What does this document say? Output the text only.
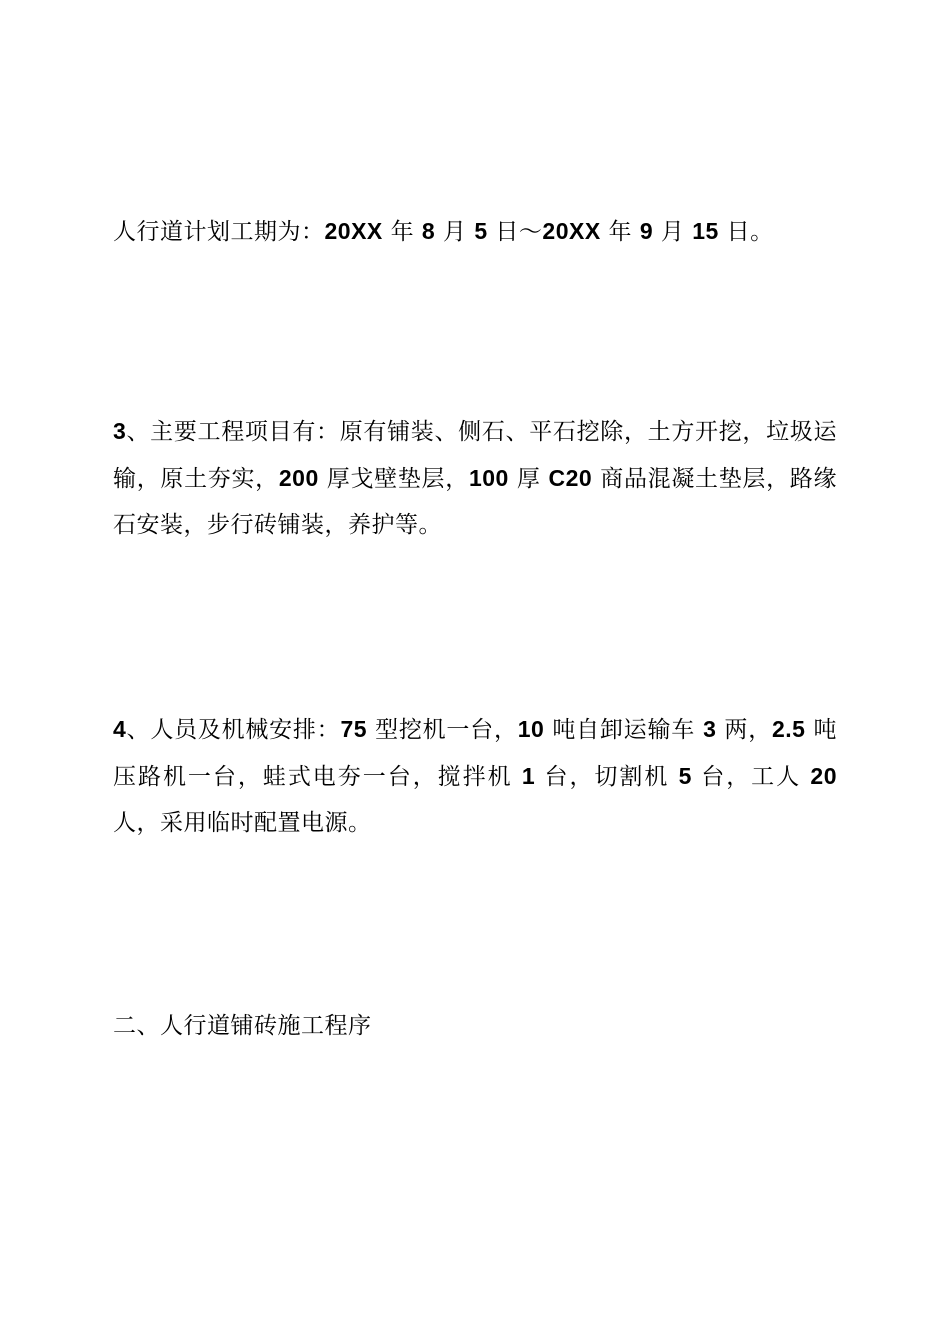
人行道计划工期为：20XX 年 8 月 5 日～20XX 年 9 月 15 日。
3、主要工程项目有：原有铺装、侧石、平石挖除，土方开挖，垃圾运输，原土夯实，200 厚戈壁垫层，100 厚 C20 商品混凝土垫层，路缘石安装，步行砖铺装，养护等。
4、人员及机械安排：75 型挖机一台，10 吨自卸运输车 3 两，2.5 吨压路机一台，蛙式电夯一台，搅拌机 1 台，切割机 5 台，工人 20 人，采用临时配置电源。
二、人行道铺砖施工程序
